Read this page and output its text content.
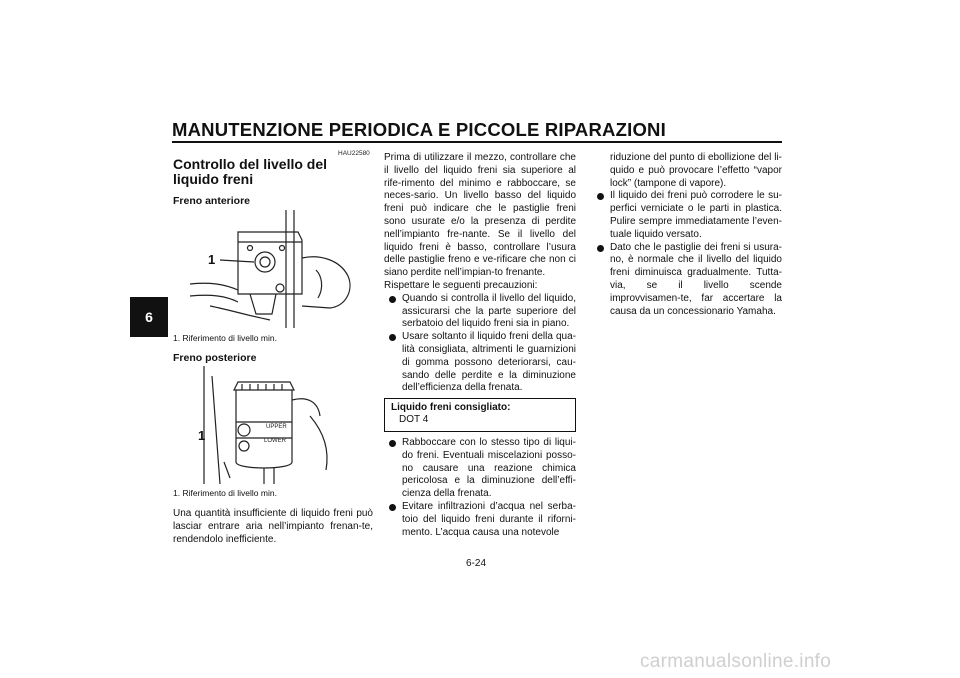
MANUTENZIONE PERIODICA E PICCOLE RIPARAZIONI
6
HAU22580
Controllo del livello del liquido freni
Freno anteriore
1
1. Riferimento di livello min.
Freno posteriore
UPPER
LOWER
1
1. Riferimento di livello min.
Una quantità insufficiente di liquido freni può lasciar entrare aria nell’impianto frenan-te, rendendolo inefficiente.

Prima di utilizzare il mezzo, controllare che il livello del liquido freni sia superiore al rife-rimento del minimo e rabboccare, se neces-sario. Un livello basso del liquido freni può indicare che le pastiglie freni sono usurate e/o la presenza di perdite nell’impianto fre-nante. Se il livello del liquido freni è basso, controllare l’usura delle pastiglie freno e ve-rificare che non ci siano perdite nell’impian-to frenante.

Rispettare le seguenti precauzioni:

Quando si controlla il livello del liquido, assicurarsi che la parte superiore del serbatoio del liquido freni sia in piano.
Usare soltanto il liquido freni della qua-lità consigliata, altrimenti le guarnizioni di gomma possono deteriorarsi, cau-sando delle perdite e la diminuzione dell’efficienza della frenata.
Liquido freni consigliato:
DOT 4
Rabboccare con lo stesso tipo di liqui-do freni. Eventuali miscelazioni posso-no causare una reazione chimica pericolosa e la diminuzione dell’effi-cienza della frenata.
Evitare infiltrazioni d’acqua nel serba-toio del liquido freni durante il riforni-mento. L’acqua causa una notevole

riduzione del punto di ebollizione del li-quido e può provocare l’effetto “vapor lock” (tampone di vapore).

Il liquido dei freni può corrodere le su-perfici verniciate o le parti in plastica. Pulire sempre immediatamente l’even-tuale liquido versato.
Dato che le pastiglie dei freni si usura-no, è normale che il livello del liquido freni diminuisca gradualmente. Tutta-via, se il livello scende improvvisamen-te, far accertare la causa da un concessionario Yamaha.
6-24
carmanualsonline.info
